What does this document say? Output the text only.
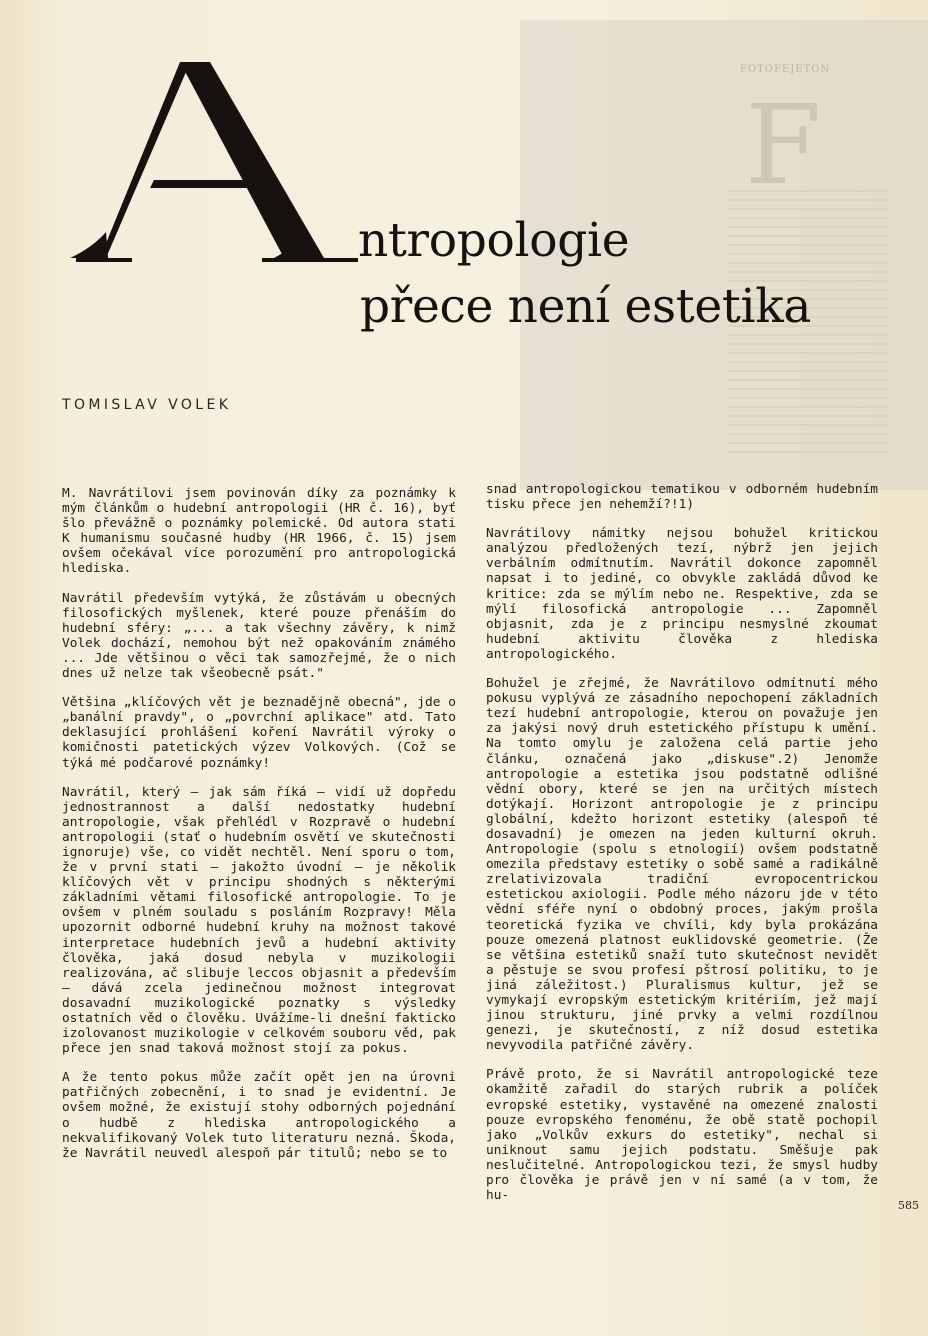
F
FOTOFEJETON
ntropologie
přece není estetika
TOMISLAV VOLEK

M. Navrátilovi jsem povinován díky za poznámky k mým článkům o hudební antropologii (HR č. 16), byť šlo převážně o poznámky polemické. Od autora stati K humanismu současné hudby (HR 1966, č. 15) jsem ovšem očekával více porozumění pro antropologická hlediska.

Navrátil především vytýká, že zůstávám u obecných filosofických myšlenek, které pouze přenáším do hudební sféry: „... a tak všechny závěry, k nimž Volek dochází, nemohou být než opakováním známého ... Jde většinou o věci tak samozřejmé, že o nich dnes už nelze tak všeobecně psát."

Většina „klíčových vět je beznadějně obecná", jde o „banální pravdy", o „povrchní aplikace" atd. Tato deklasující prohlášení koření Navrátil výroky o komičnosti patetických výzev Volkových. (Což se týká mé podčarové poznámky!

Navrátil, který — jak sám říká — vidí už dopředu jednostrannost a další nedostatky hudební antropologie, však přehlédl v Rozpravě o hudební antropologii (stať o hudebním osvětí ve skutečnosti ignoruje) vše, co vidět nechtěl. Není sporu o tom, že v první stati — jakožto úvodní — je několik klíčových vět v principu shodných s některými základními větami filosofické antropologie. To je ovšem v plném souladu s posláním Rozpravy! Měla upozornit odborné hudební kruhy na možnost takové interpretace hudebních jevů a hudební aktivity člověka, jaká dosud nebyla v muzikologii realizována, ač slibuje leccos objasnit a především — dává zcela jedinečnou možnost integrovat dosavadní muzikologické poznatky s výsledky ostatních věd o člověku. Uvážíme-li dnešní fakticko izolovanost muzikologie v celkovém souboru věd, pak přece jen snad taková možnost stojí za pokus.

A že tento pokus může začít opět jen na úrovni patřičných zobecnění, i to snad je evidentní. Je ovšem možné, že existují stohy odborných pojednání o hudbě z hlediska antropologického a nekvalifikovaný Volek tuto literaturu nezná. Škoda, že Navrátil neuvedl alespoň pár titulů; nebo se to

snad antropologickou tematikou v odborném hudebním tisku přece jen nehemží?!1)

Navrátilovy námitky nejsou bohužel kritickou analýzou předložených tezí, nýbrž jen jejich verbálním odmítnutím. Navrátil dokonce zapomněl napsat i to jediné, co obvykle zakládá důvod ke kritice: zda se mýlím nebo ne. Respektive, zda se mýlí filosofická antropologie ... Zapomněl objasnit, zda je z principu nesmyslné zkoumat hudební aktivitu člověka z hlediska antropologického.

Bohužel je zřejmé, že Navrátilovo odmítnutí mého pokusu vyplývá ze zásadního nepochopení základních tezí hudební antropologie, kterou on považuje jen za jakýsi nový druh estetického přístupu k umění. Na tomto omylu je založena celá partie jeho článku, označená jako „diskuse".2) Jenomže antropologie a estetika jsou podstatně odlišné vědní obory, které se jen na určitých místech dotýkají. Horizont antropologie je z principu globální, kdežto horizont estetiky (alespoň té dosavadní) je omezen na jeden kulturní okruh. Antropologie (spolu s etnologií) ovšem podstatně omezila představy estetiky o sobě samé a radikálně zrelativizovala tradiční evropocentrickou estetickou axiologii. Podle mého názoru jde v této vědní sféře nyní o obdobný proces, jakým prošla teoretická fyzika ve chvíli, kdy byla prokázána pouze omezená platnost euklidovské geometrie. (Že se většina estetiků snaží tuto skutečnost nevidět a pěstuje se svou profesí pštrosí politiku, to je jiná záležitost.) Pluralismus kultur, jež se vymykají evropským estetickým kritériím, jež mají jinou strukturu, jiné prvky a velmi rozdílnou genezi, je skutečností, z níž dosud estetika nevyvodila patřičné závěry.

Právě proto, že si Navrátil antropologické teze okamžitě zařadil do starých rubrik a políček evropské estetiky, vystavěné na omezené znalosti pouze evropského fenoménu, že obě statě pochopil jako „Volkův exkurs do estetiky", nechal si uniknout samu jejich podstatu. Směšuje pak neslučitelné. Antropologickou tezi, že smysl hudby pro člověka je právě jen v ní samé (a v tom, že hu-

585
